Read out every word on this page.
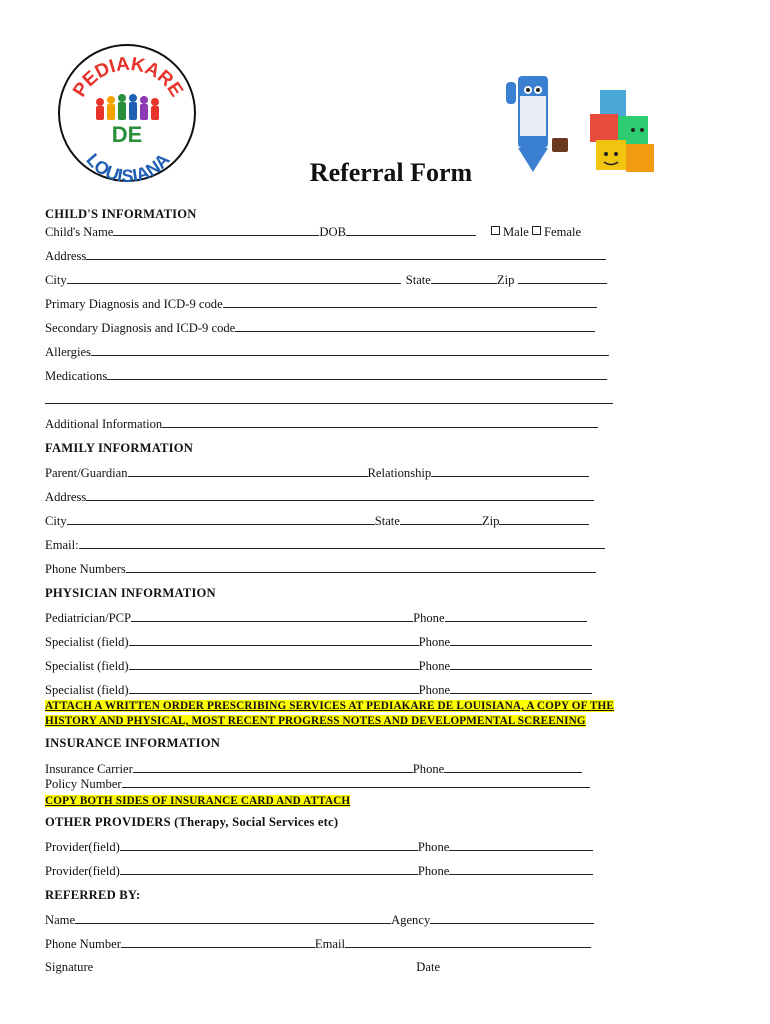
PEDIAKARE
DE
LOUISIANA	Referral Form
CHILD'S INFORMATION
Child's Name	DOB	Male Female
Address
City	State	Zip
Primary Diagnosis and ICD-9 code
Secondary Diagnosis and ICD-9 code
Allergies
Medications
Additional Information
FAMILY INFORMATION
Parent/Guardian	Relationship
Address
City	State	Zip
Email:
Phone Numbers
PHYSICIAN INFORMATION
Pediatrician/PCP	Phone
Specialist (field)	Phone
Specialist (field)	Phone
Specialist (field)	Phone
ATTACH A WRITTEN ORDER PRESCRIBING SERVICES AT PEDIAKARE DE LOUISIANA, A COPY OF THE
HISTORY AND PHYSICAL, MOST RECENT PROGRESS NOTES AND DEVELOPMENTAL SCREENING
INSURANCE INFORMATION
Insurance Carrier	Phone
Policy Number
COPY BOTH SIDES OF INSURANCE CARD AND ATTACH
OTHER PROVIDERS (Therapy, Social Services etc)
Provider(field)	Phone
Provider(field)	Phone
REFERRED BY:
Name	Agency
Phone Number	Email
Signature	Date
